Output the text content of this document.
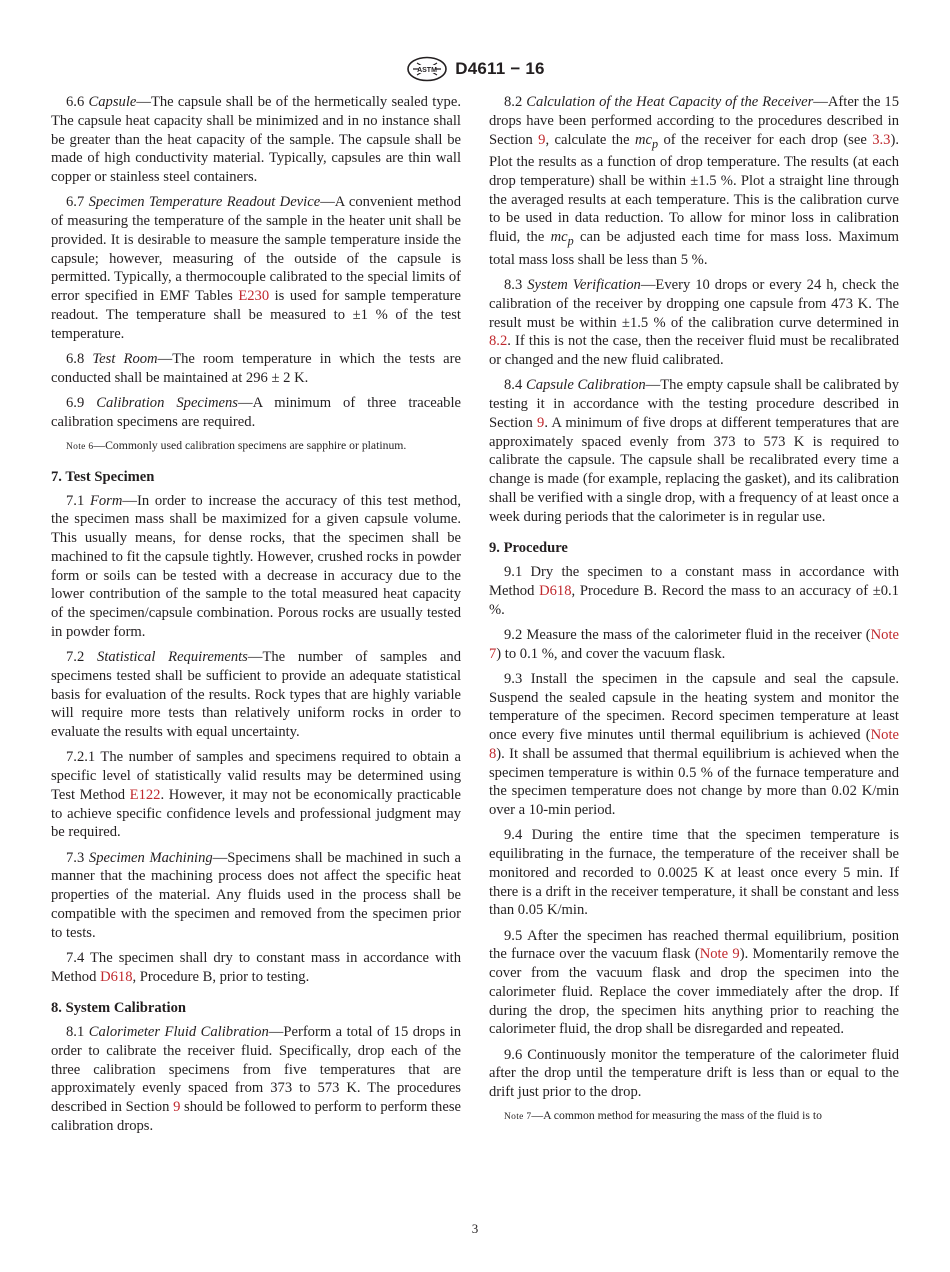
ASTM D4611 − 16

6.6 Capsule—The capsule shall be of the hermetically sealed type. The capsule heat capacity shall be minimized and in no instance shall be greater than the heat capacity of the sample. The capsule shall be made of high conductivity material. Typically, capsules are thin wall copper or stainless steel containers.

6.7 Specimen Temperature Readout Device—A convenient method of measuring the temperature of the sample in the heater unit shall be provided. It is desirable to measure the sample temperature inside the capsule; however, measuring of the outside of the capsule is permitted. Typically, a thermocouple calibrated to the special limits of error specified in EMF Tables E230 is used for sample temperature readout. The temperature shall be measured to ±1 % of the test temperature.

6.8 Test Room—The room temperature in which the tests are conducted shall be maintained at 296 ± 2 K.

6.9 Calibration Specimens—A minimum of three traceable calibration specimens are required.

Note 6—Commonly used calibration specimens are sapphire or platinum.

7. Test Specimen

7.1 Form—In order to increase the accuracy of this test method, the specimen mass shall be maximized for a given capsule volume. This usually means, for dense rocks, that the specimen shall be machined to fit the capsule tightly. However, crushed rocks in powder form or soils can be tested with a decrease in accuracy due to the lower contribution of the sample to the total measured heat capacity of the specimen/capsule combination. Porous rocks are usually tested in powder form.

7.2 Statistical Requirements—The number of samples and specimens tested shall be sufficient to provide an adequate statistical basis for evaluation of the results. Rock types that are highly variable will require more tests than relatively uniform rocks in order to evaluate the results with equal uncertainty.

7.2.1 The number of samples and specimens required to obtain a specific level of statistically valid results may be determined using Test Method E122. However, it may not be economically practicable to achieve specific confidence levels and professional judgment may be required.

7.3 Specimen Machining—Specimens shall be machined in such a manner that the machining process does not affect the specific heat properties of the material. Any fluids used in the process shall be compatible with the specimen and removed from the specimen prior to tests.

7.4 The specimen shall dry to constant mass in accordance with Method D618, Procedure B, prior to testing.

8. System Calibration

8.1 Calorimeter Fluid Calibration—Perform a total of 15 drops in order to calibrate the receiver fluid. Specifically, drop each of the three calibration specimens from five temperatures that are approximately evenly spaced from 373 to 573 K. The procedures described in Section 9 should be followed to perform to perform these calibration drops.

8.2 Calculation of the Heat Capacity of the Receiver—After the 15 drops have been performed according to the procedures described in Section 9, calculate the $mc_p$ of the receiver for each drop (see 3.3). Plot the results as a function of drop temperature. The results (at each drop temperature) shall be within ±1.5 %. Plot a straight line through the averaged results at each temperature. This is the calibration curve to be used in data reduction. To allow for minor loss in calibration fluid, the $mc_p$ can be adjusted each time for mass loss. Maximum total mass loss shall be less than 5 %.

8.3 System Verification—Every 10 drops or every 24 h, check the calibration of the receiver by dropping one capsule from 473 K. The result must be within ±1.5 % of the calibration curve determined in 8.2. If this is not the case, then the receiver fluid must be recalibrated or changed and the new fluid calibrated.

8.4 Capsule Calibration—The empty capsule shall be calibrated by testing it in accordance with the testing procedure described in Section 9. A minimum of five drops at different temperatures that are approximately spaced evenly from 373 to 573 K is required to calibrate the capsule. The capsule shall be recalibrated every time a change is made (for example, replacing the gasket), and its calibration shall be verified with a single drop, with a frequency of at least once a week during periods that the calorimeter is in regular use.

9. Procedure

9.1 Dry the specimen to a constant mass in accordance with Method D618, Procedure B. Record the mass to an accuracy of ±0.1 %.

9.2 Measure the mass of the calorimeter fluid in the receiver (Note 7) to 0.1 %, and cover the vacuum flask.

9.3 Install the specimen in the capsule and seal the capsule. Suspend the sealed capsule in the heating system and monitor the temperature of the specimen. Record specimen temperature at least once every five minutes until thermal equilibrium is achieved (Note 8). It shall be assumed that thermal equilibrium is achieved when the specimen temperature is within 0.5 % of the furnace temperature and the specimen temperature does not change by more than 0.02 K/min over a 10-min period.

9.4 During the entire time that the specimen temperature is equilibrating in the furnace, the temperature of the receiver shall be monitored and recorded to 0.0025 K at least once every 5 min. If there is a drift in the receiver temperature, it shall be constant and less than 0.05 K/min.

9.5 After the specimen has reached thermal equilibrium, position the furnace over the vacuum flask (Note 9). Momentarily remove the cover from the vacuum flask and drop the specimen into the calorimeter fluid. Replace the cover immediately after the drop. If during the drop, the specimen hits anything prior to reaching the calorimeter fluid, the drop shall be disregarded and repeated.

9.6 Continuously monitor the temperature of the calorimeter fluid after the drop until the temperature drift is less than or equal to the drift just prior to the drop.

Note 7—A common method for measuring the mass of the fluid is to

3
